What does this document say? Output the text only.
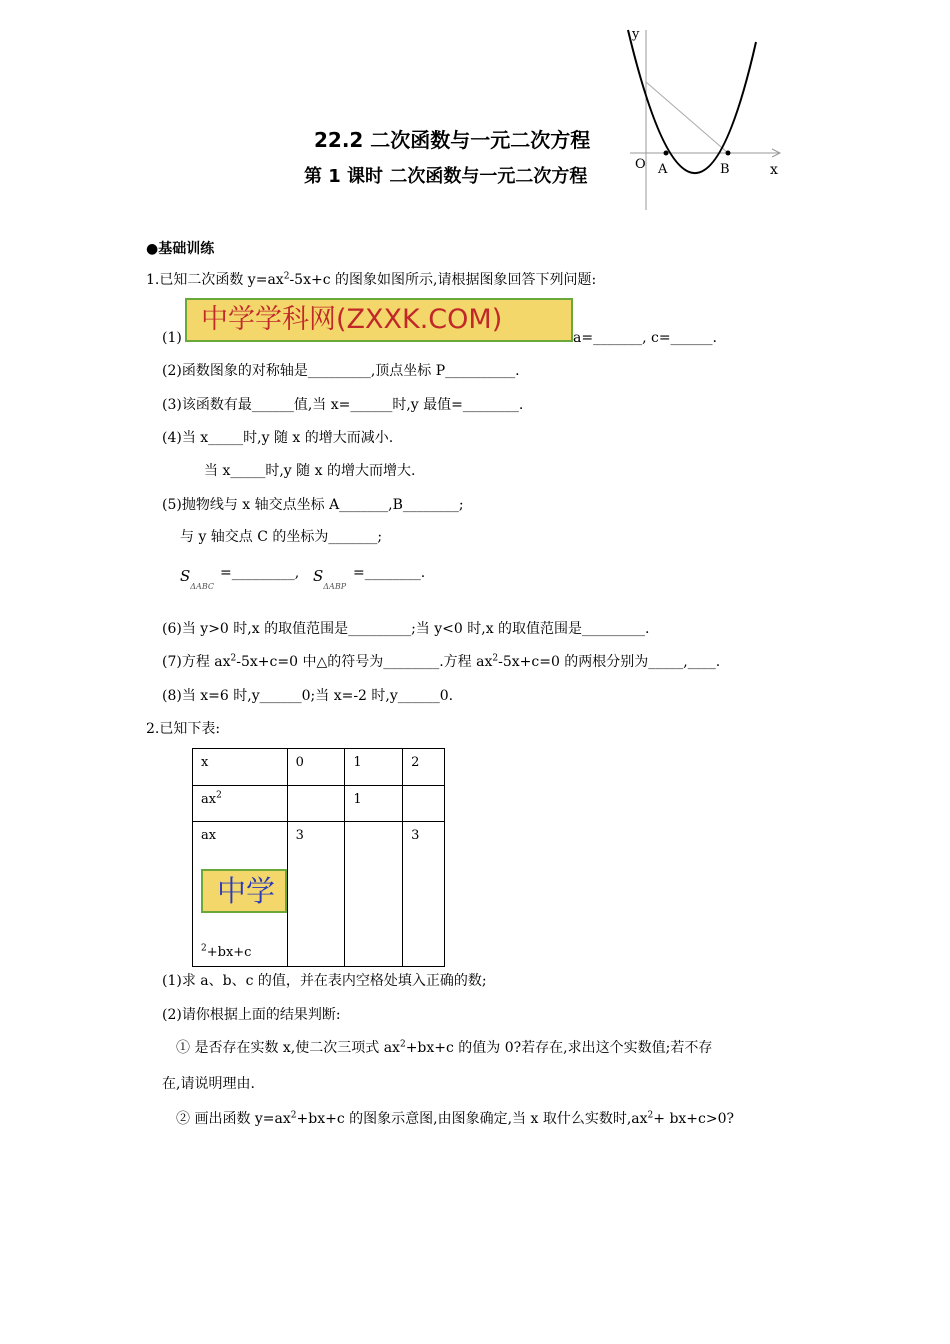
y
x
O A	B
22.2 二次函数与一元二次方程
第 1 课时 二次函数与一元二次方程
●基础训练
1.已知二次函数 $y=ax^2-5x+c$ 的图象如图所示,请根据图象回答下列问题:
(1)
中学学科网(ZXXK.COM)
a=_______, c=______.
(2)函数图象的对称轴是_________,顶点坐标 P__________.
(3)该函数有最______值,当 x=______时,y 最值=________.
(4)当 x_____时,y 随 x 的增大而减小.
当 x_____时,y 随 x 的增大而增大.
(5)抛物线与 x 轴交点坐标 A_______,B________;
与 y 轴交点 C 的坐标为_______;
$S_{\Delta ABC}$
=_________, $S_{\Delta ABP}$
=________.
(6)当 y>0 时,x 的取值范围是_________;当 y<0 时,x 的取值范围是_________.
(7)方程 $ax^2-5x+c=0$ 中△的符号为________.方程 $ax^2-5x+c=0$ 的两根分别为_____,____.
(8)当 x=6 时,y______0;当 x=-2 时,y______0.
2.已知下表:
x	0	1	2
$ax^2$		1	

ax
$^2$+bx+c	3		3
中学
(1)求 a、b、c 的值，并在表内空格处填入正确的数;
(2)请你根据上面的结果判断:
① 是否存在实数 x,使二次三项式 $ax^2+bx+c$ 的值为 0?若存在,求出这个实数值;若不存
在,请说明理由.
② 画出函数 $y=ax^2+bx+c$ 的图象示意图,由图象确定,当 x 取什么实数时$,ax^2+ bx+c>0$?
